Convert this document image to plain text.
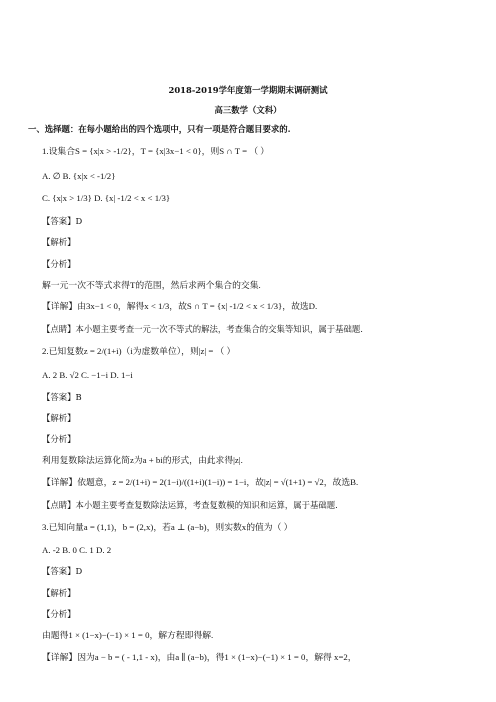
2018-2019学年度第一学期期末调研测试
高三数学（文科）
一、选择题：在每小题给出的四个选项中，只有一项是符合题目要求的.
1.设集合S = {x|x > -1/2}，T = {x|3x−1 < 0}，则S ∩ T = （ ）
A. ∅ B. {x|x < -1/2}
C. {x|x > 1/3} D. {x| -1/2 < x < 1/3}
【答案】D
【解析】
【分析】
解一元一次不等式求得T的范围，然后求两个集合的交集.
【详解】由3x−1 < 0，解得x < 1/3，故S ∩ T = {x| -1/2 < x < 1/3}，故选D.
【点睛】本小题主要考查一元一次不等式的解法，考查集合的交集等知识，属于基础题.
2.已知复数z = 2/(1+i)（i为虚数单位），则|z| = （ ）
A. 2 B. √2 C. −1−i D. 1−i
【答案】B
【解析】
【分析】
利用复数除法运算化简z为a + bi的形式，由此求得|z|.
【详解】依题意，z = 2/(1+i) = 2(1−i)/((1+i)(1−i)) = 1−i，故|z| = √(1+1) = √2，故选B.
【点睛】本小题主要考查复数除法运算，考查复数模的知识和运算，属于基础题.
3.已知向量a = (1,1)，b = (2,x)，若a ⊥ (a−b)，则实数x的值为（ ）
A. -2 B. 0 C. 1 D. 2
【答案】D
【解析】
【分析】
由题得1 × (1−x)−(−1) × 1 = 0，解方程即得解.
【详解】因为a − b = ( - 1,1 - x)，由a ∥ (a−b)，得1 × (1−x)−(−1) × 1 = 0，解得 x=2，
